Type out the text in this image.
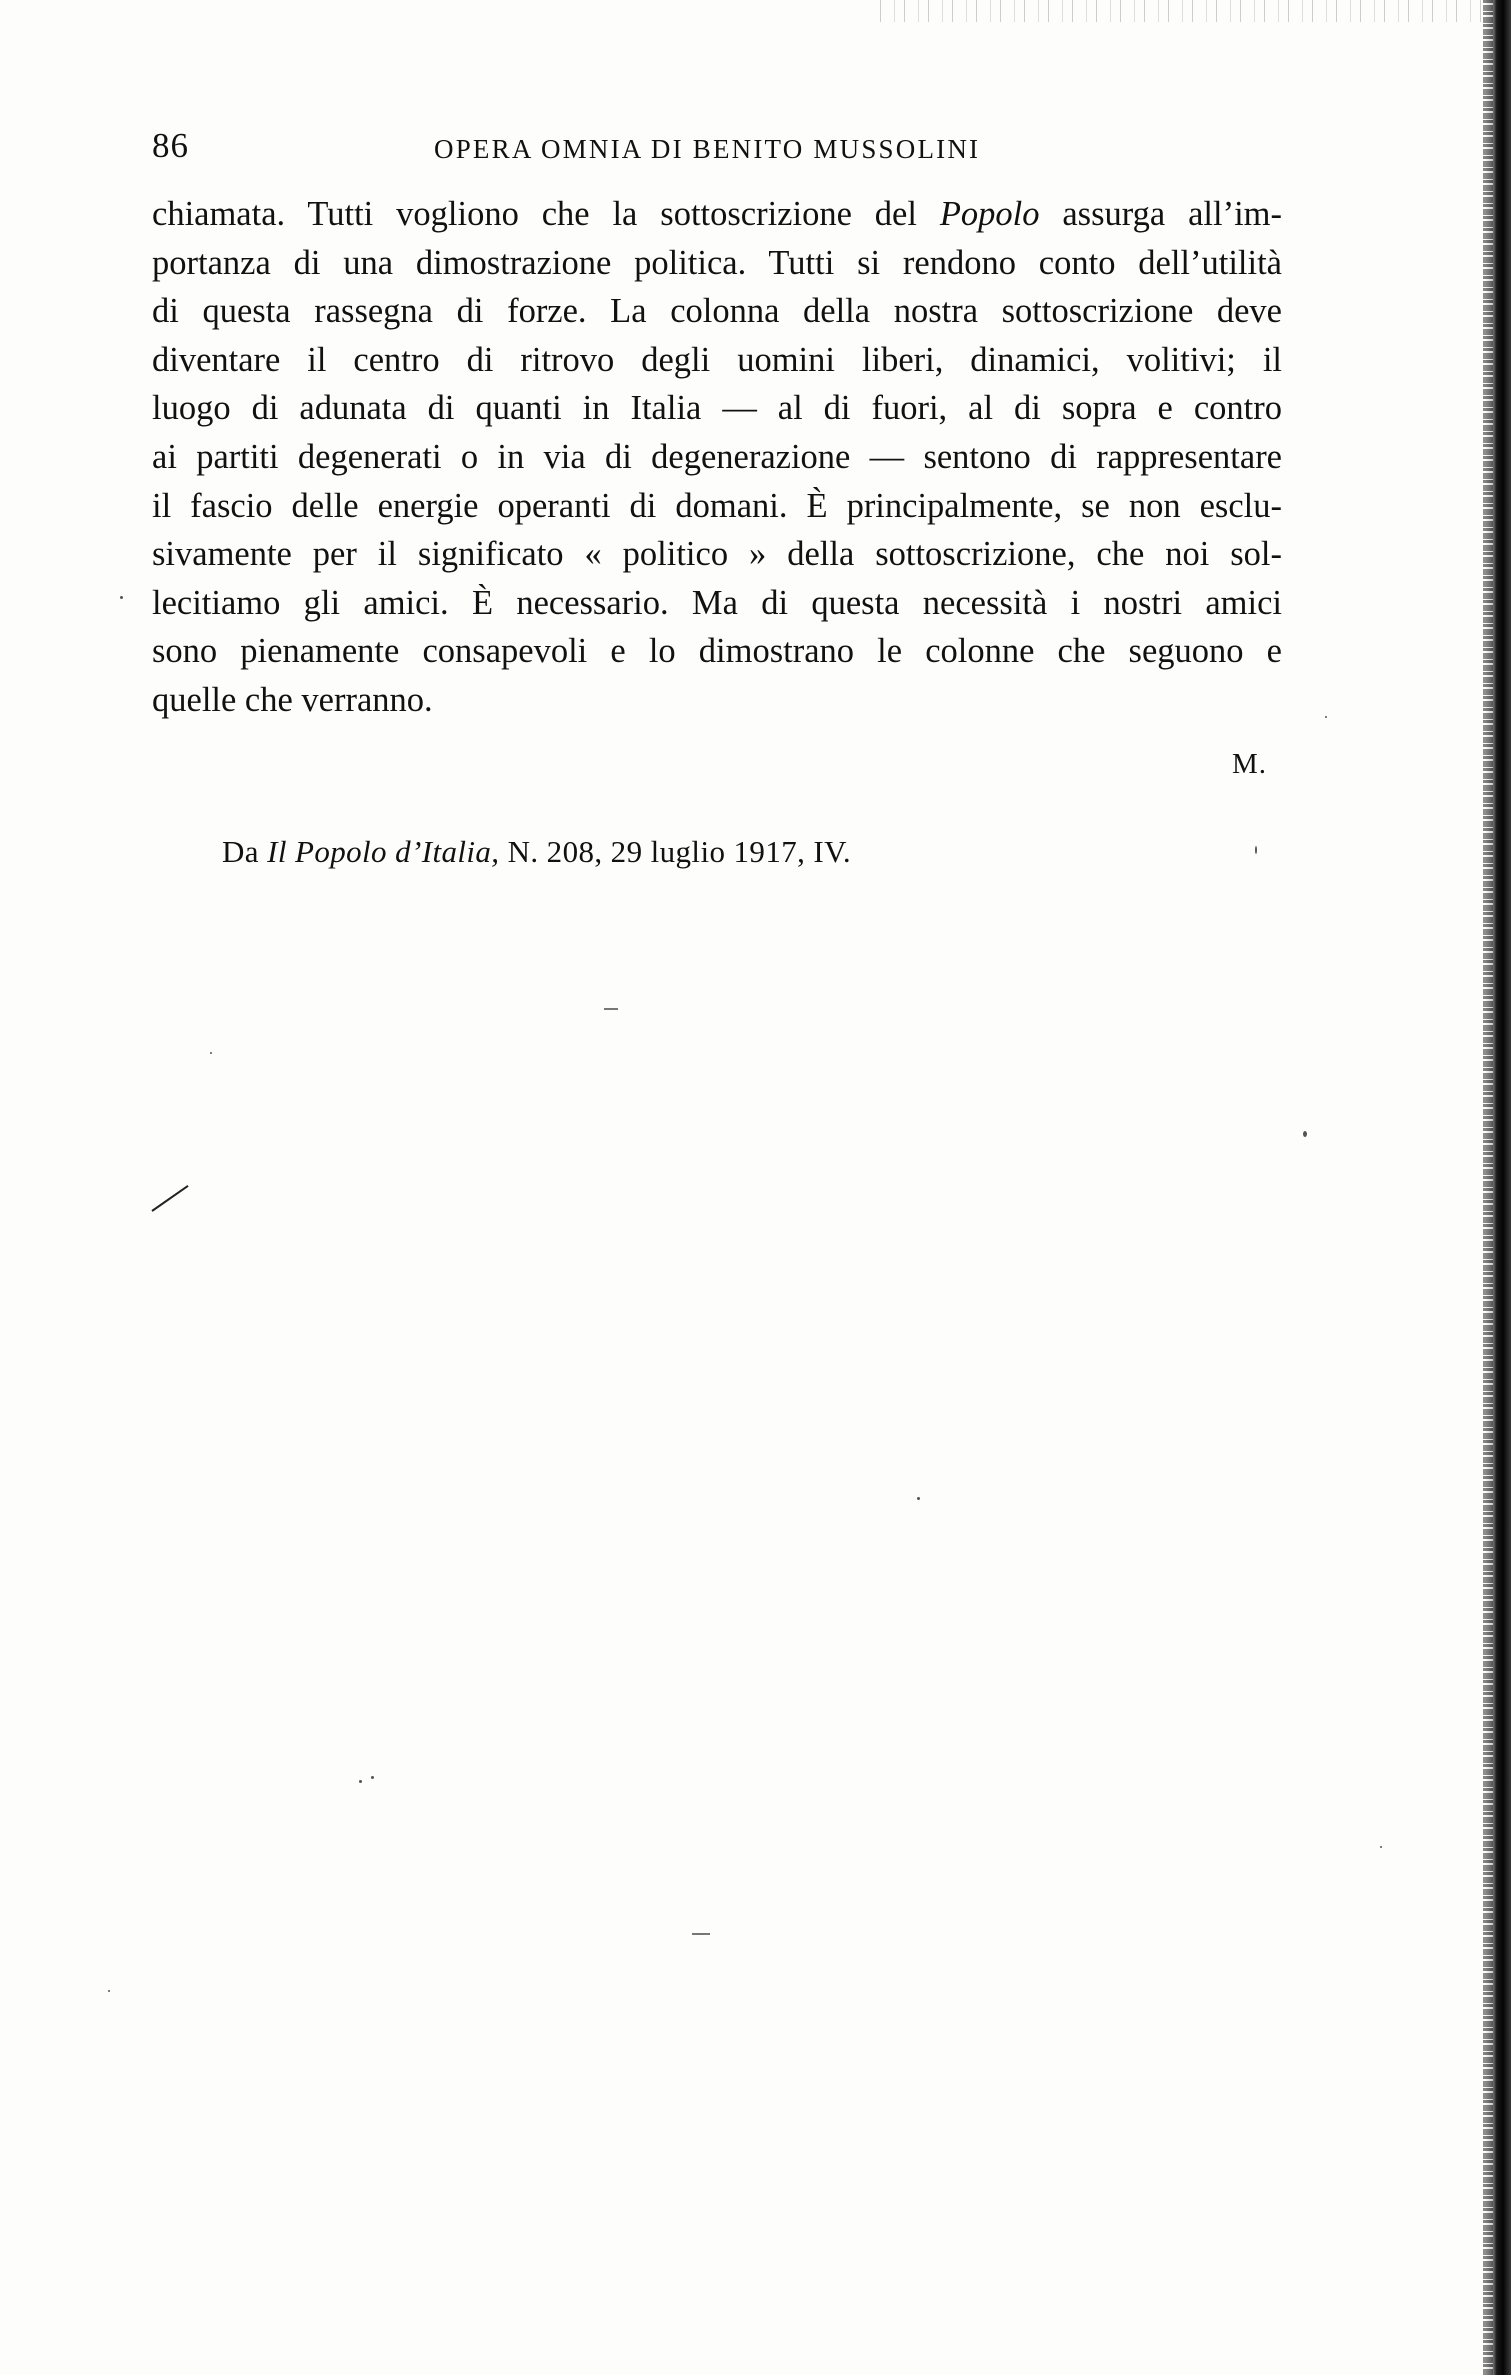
86	OPERA OMNIA DI BENITO MUSSOLINI
chiamata. Tutti vogliono che la sottoscrizione del Popolo assurga all’im-
portanza di una dimostrazione politica. Tutti si rendono conto dell’utilità
di questa rassegna di forze. La colonna della nostra sottoscrizione deve
diventare il centro di ritrovo degli uomini liberi, dinamici, volitivi; il
luogo di adunata di quanti in Italia — al di fuori, al di sopra e contro
ai partiti degenerati o in via di degenerazione — sentono di rappresentare
il fascio delle energie operanti di domani. È principalmente, se non esclu-
sivamente per il significato « politico » della sottoscrizione, che noi sol-
lecitiamo gli amici. È necessario. Ma di questa necessità i nostri amici
sono pienamente consapevoli e lo dimostrano le colonne che seguono e
quelle che verranno.
M.
Da Il Popolo d’Italia, N. 208, 29 luglio 1917, IV.
